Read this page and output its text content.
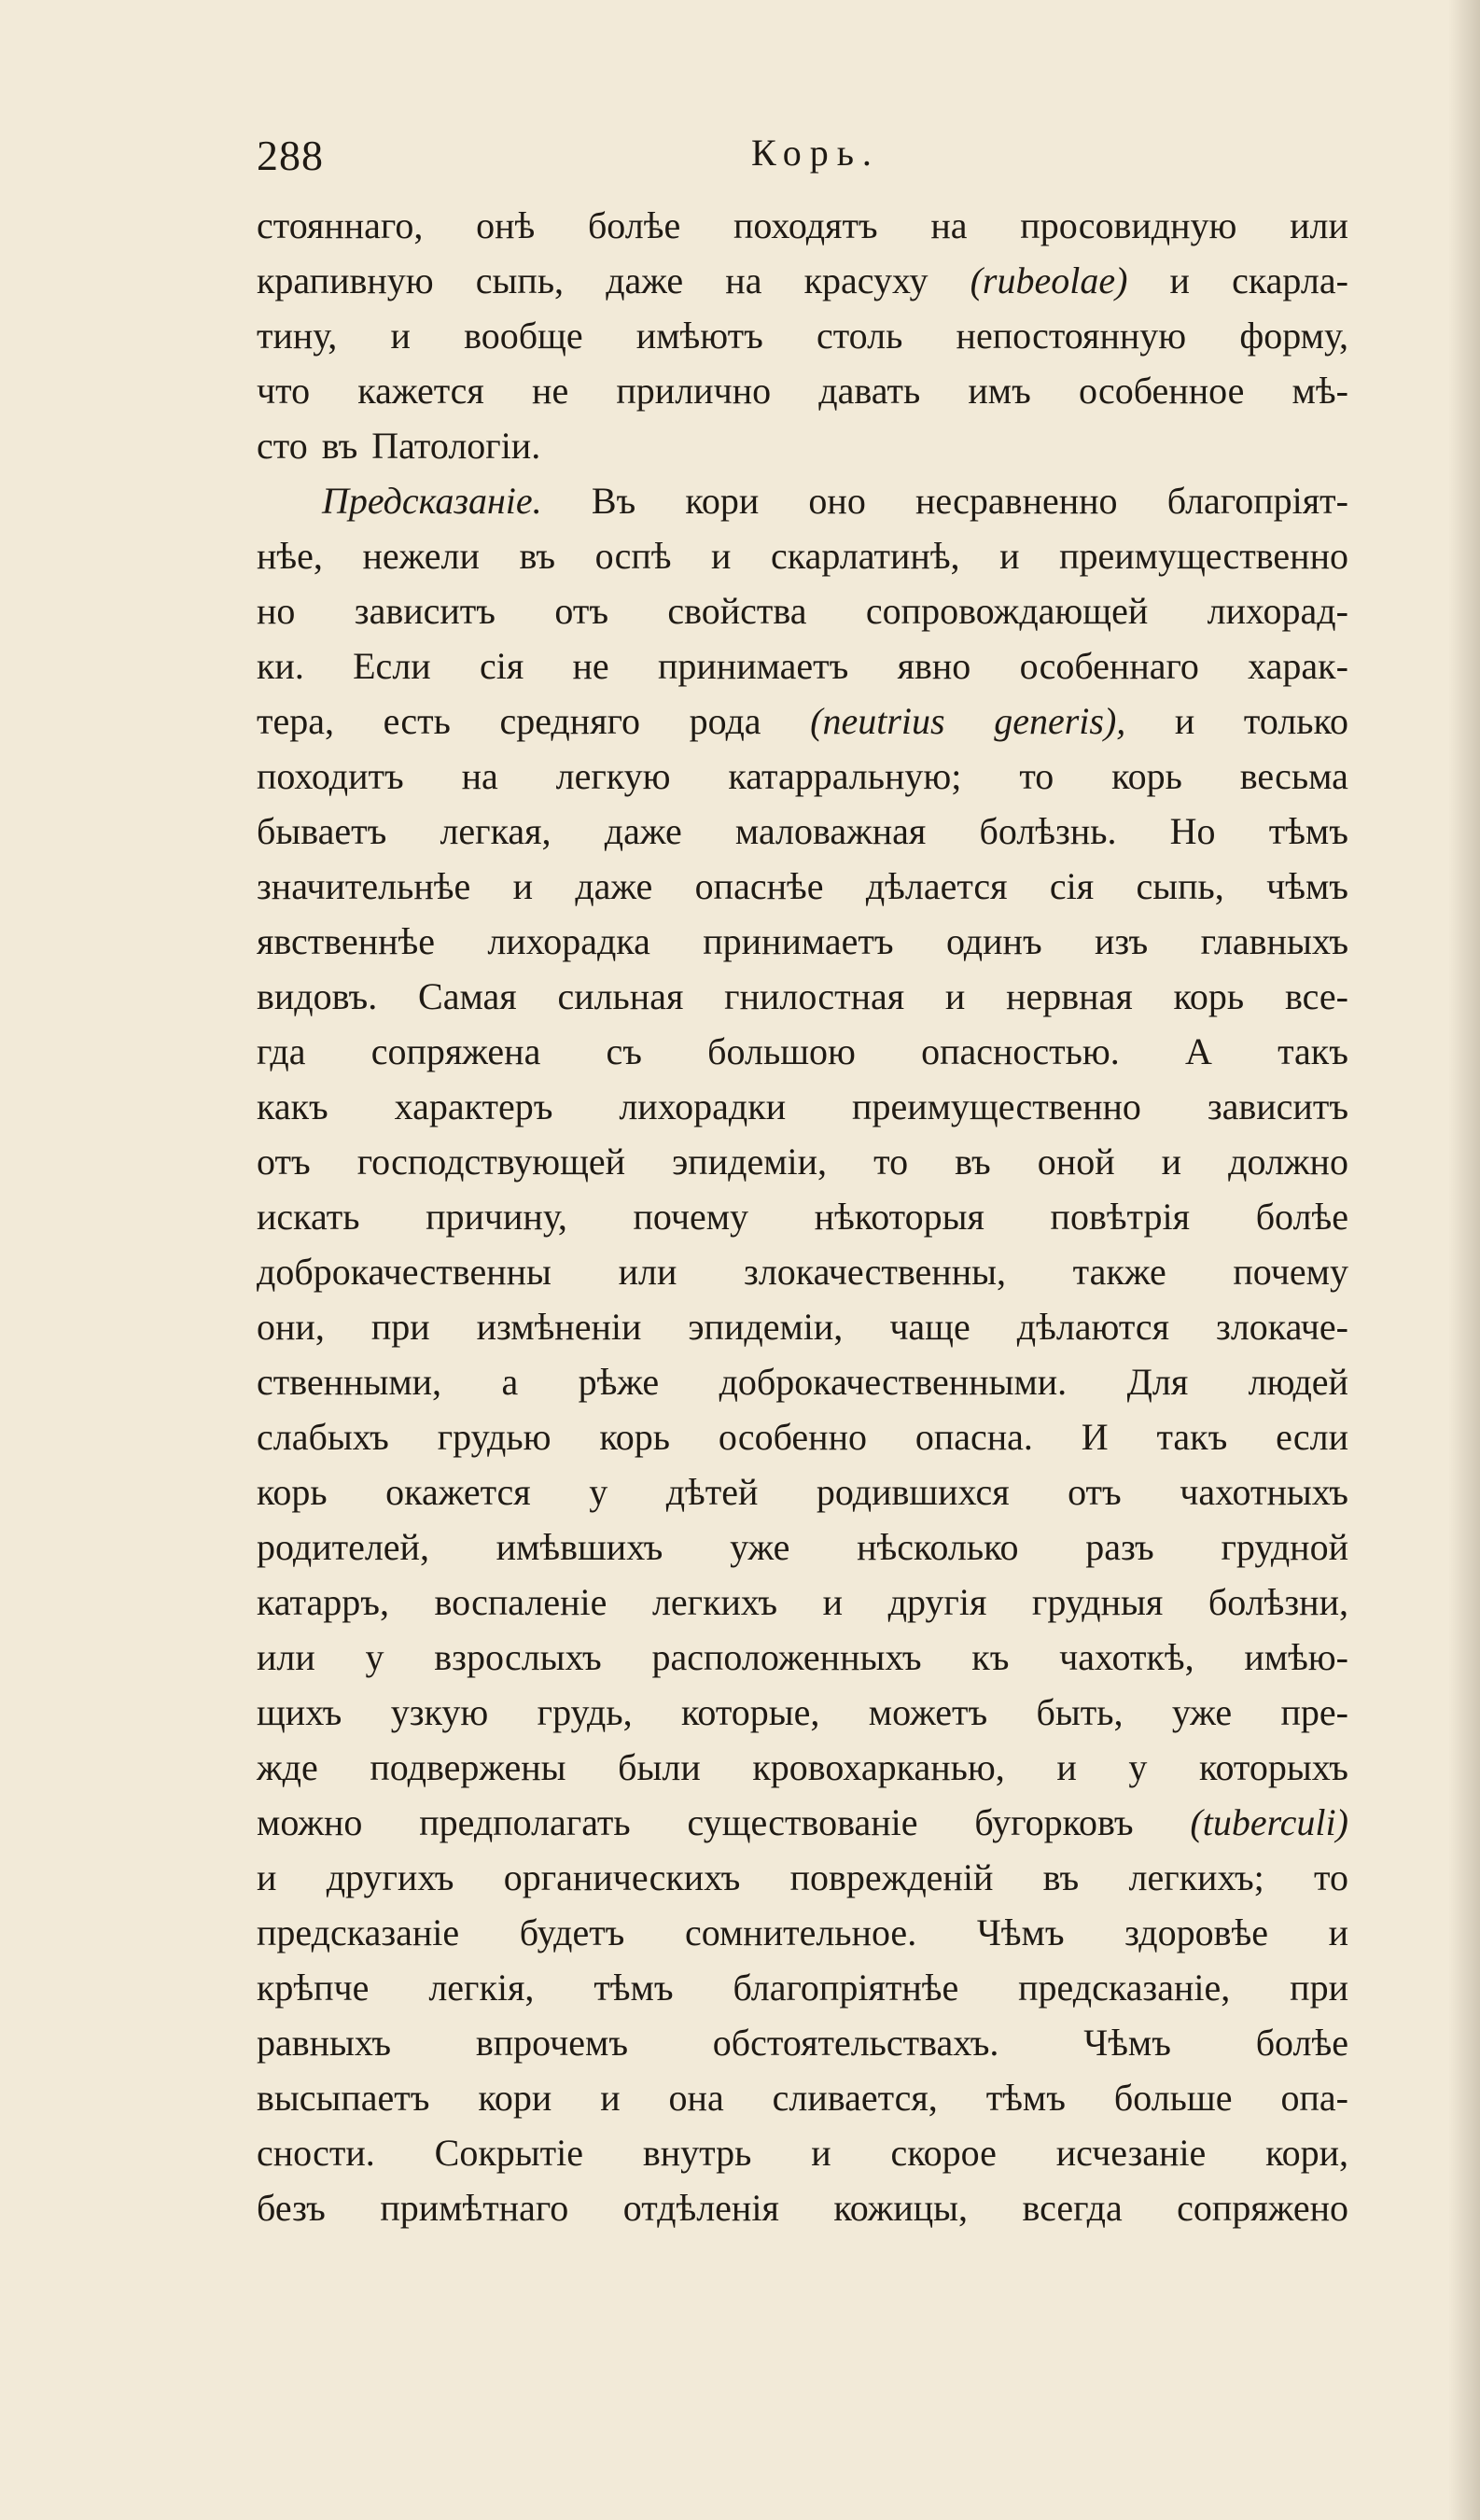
288	Корь.
стояннаго, онѣ болѣе походятъ на просовидную или
крапивную сыпь, даже на красуху (rubeolae) и скарла-
тину, и вообще имѣютъ столь непостоянную форму,
что кажется не прилично давать имъ особенное мѣ-
сто въ Патологіи.
Предсказаніе. Въ кори оно несравненно благопріят-
нѣе, нежели въ оспѣ и скарлатинѣ, и преимущественно
но зависитъ отъ свойства сопровождающей лихорад-
ки. Если сія не принимаетъ явно особеннаго харак-
тера, есть средняго рода (neutrius generis), и только
походитъ на легкую катарральную; то корь весьма
бываетъ легкая, даже маловажная болѣзнь. Но тѣмъ
значительнѣе и даже опаснѣе дѣлается сія сыпь, чѣмъ
явственнѣе лихорадка принимаетъ одинъ изъ главныхъ
видовъ. Самая сильная гнилостная и нервная корь все-
гда сопряжена съ большою опасностью. А такъ
какъ характеръ лихорадки преимущественно зависитъ
отъ господствующей эпидеміи, то въ оной и должно
искать причину, почему нѣкоторыя повѣтрія болѣе
доброкачественны или злокачественны, также почему
они, при измѣненіи эпидеміи, чаще дѣлаются злокаче-
ственными, а рѣже доброкачественными. Для людей
слабыхъ грудью корь особенно опасна. И такъ если
корь окажется у дѣтей родившихся отъ чахотныхъ
родителей, имѣвшихъ уже нѣсколько разъ грудной
катарръ, воспаленіе легкихъ и другія грудныя болѣзни,
или у взрослыхъ расположенныхъ къ чахоткѣ, имѣю-
щихъ узкую грудь, которые, можетъ быть, уже пре-
жде подвержены были кровохарканью, и у которыхъ
можно предполагать существованіе бугорковъ (tuberculi)
и другихъ органическихъ поврежденій въ легкихъ; то
предсказаніе будетъ сомнительное. Чѣмъ здоровѣе и
крѣпче легкія, тѣмъ благопріятнѣе предсказаніе, при
равныхъ впрочемъ обстоятельствахъ. Чѣмъ болѣе
высыпаетъ кори и она сливается, тѣмъ больше опа-
сности. Сокрытіе внутрь и скорое исчезаніе кори,
безъ примѣтнаго отдѣленія кожицы, всегда сопряжено
